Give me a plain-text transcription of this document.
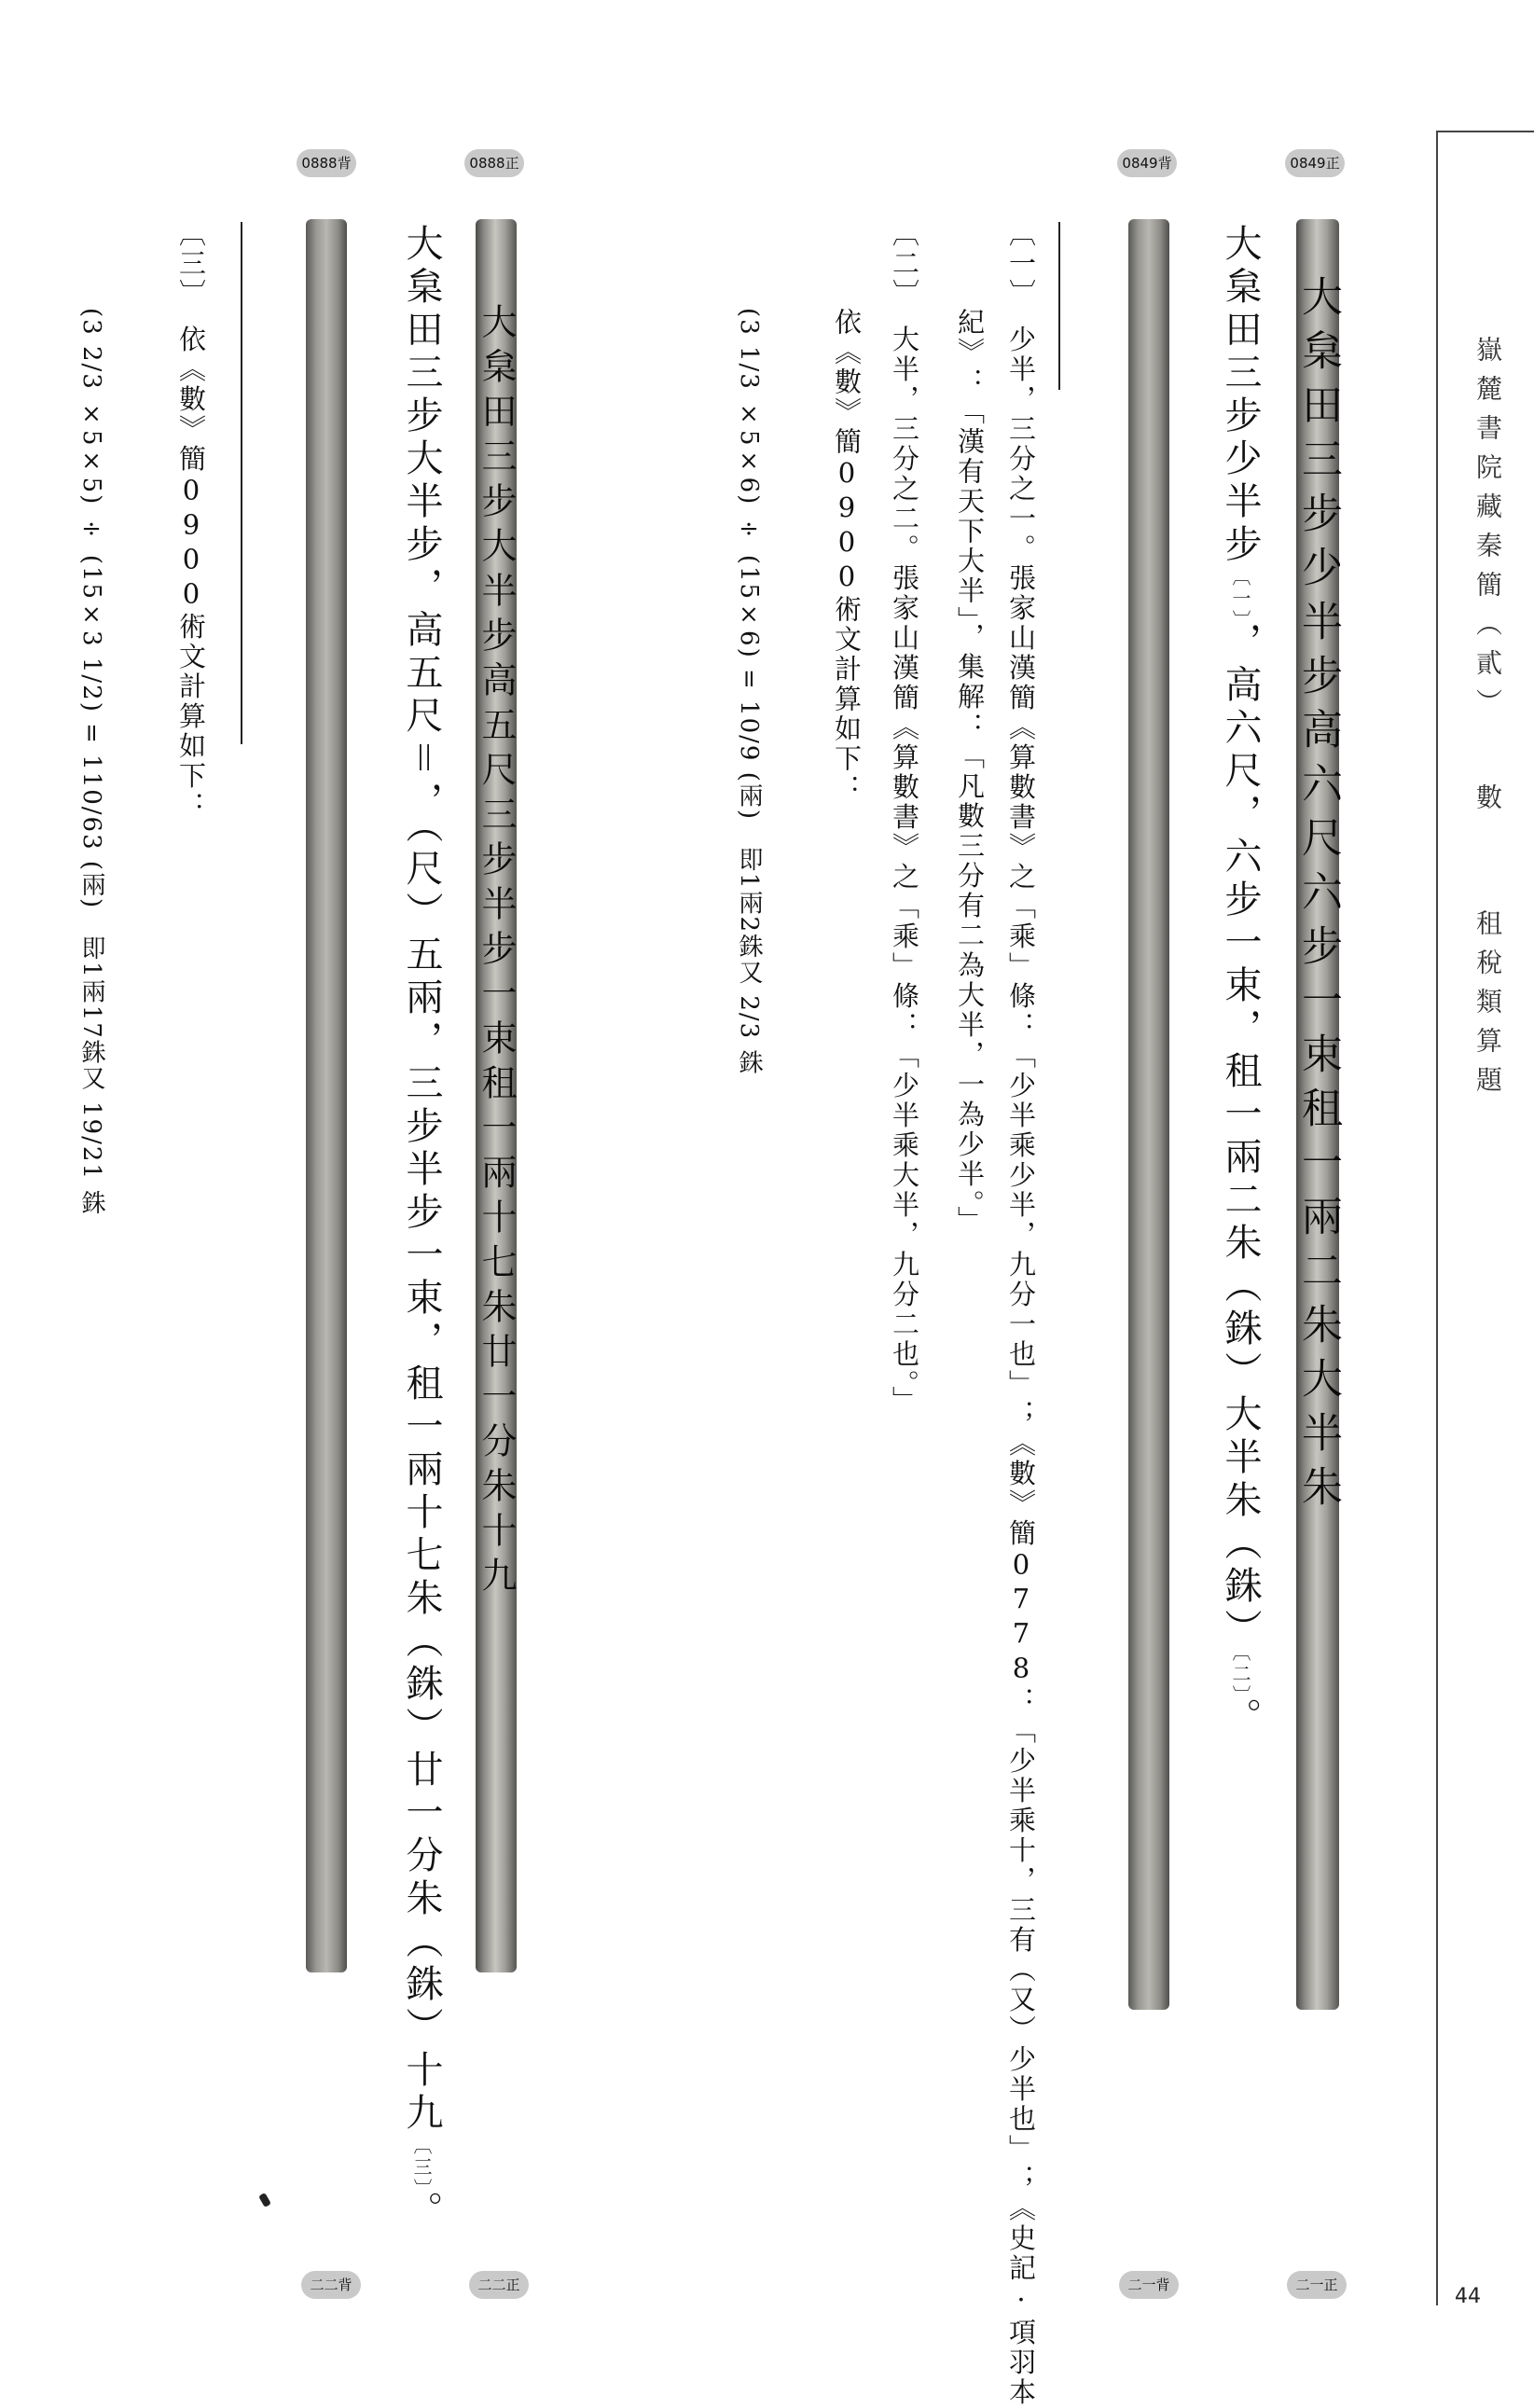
嶽麓書院藏秦簡（貳）
數
租稅類算題
44
0849正
大枲田三步少半步高六尺六步一束租一兩二朱大半朱
二一正
0849背
二一背
大枲田三步少半步〔一〕，高六尺，六步一束，租一兩二朱（銖）大半朱（銖）〔二〕。
〔一〕　少半，三分之一。張家山漢簡《算數書》之「乘」條：「少半乘少半，九分一也」；《數》簡0778：「少半乘十，三有（又）少半也」；《史記·項羽本
紀》：「漢有天下大半」，集解：「凡數三分有二為大半，一為少半。」
〔二〕　大半，三分之二。張家山漢簡《算數書》之「乘」條：「少半乘大半，九分二也。」
依《數》簡0900術文計算如下：
(3 1/3 ×5×6) ÷ (15×6) = 10/9 (兩)　即1兩2銖又 2/3 銖
0888正
大枲田三步大半步高五尺三步半步一束租一兩十七朱廿一分朱十九
二二正
0888背
二二背
大枲田三步大半步，高五尺＝，（尺）五兩，三步半步一束，租一兩十七朱（銖）廿一分朱（銖）十九〔三〕。
〔三〕　依《數》簡0900術文計算如下：
(3 2/3 ×5×5) ÷ (15×3 1/2) = 110/63 (兩)　即1兩17銖又 19/21 銖
